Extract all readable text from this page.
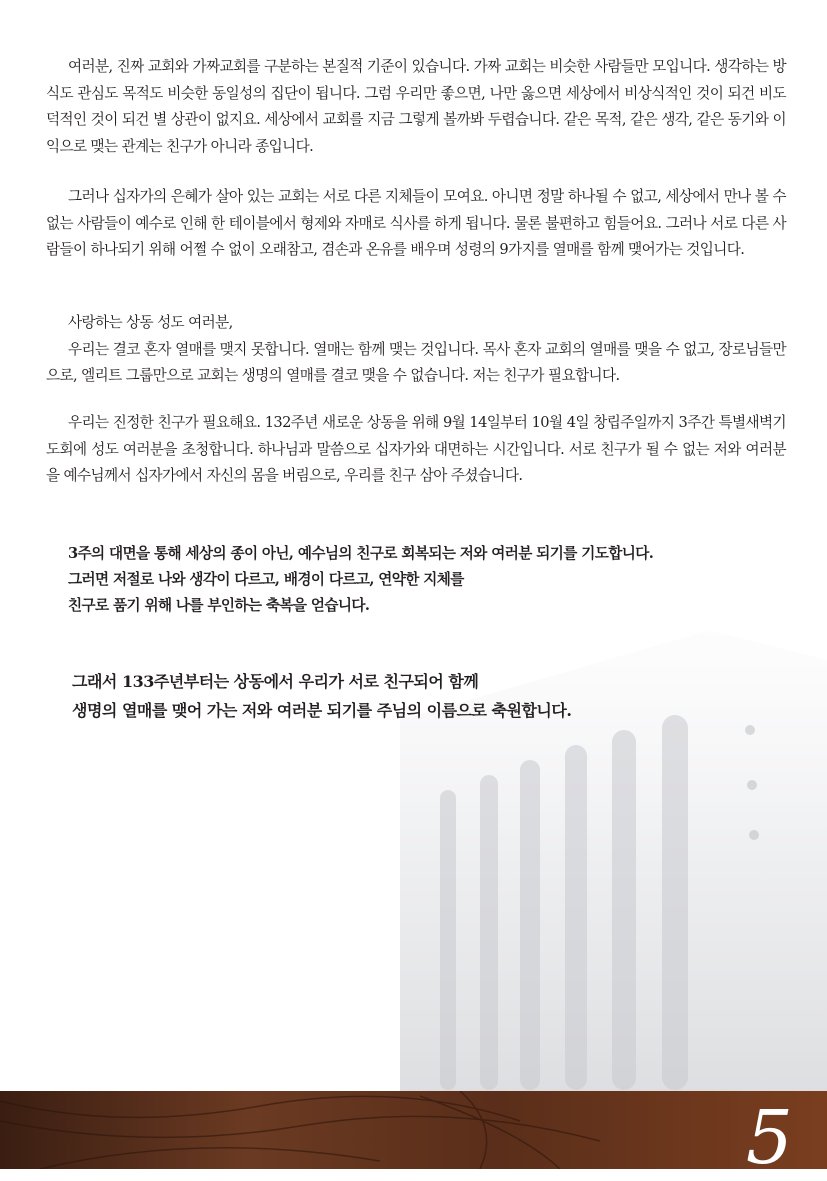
여러분, 진짜 교회와 가짜교회를 구분하는 본질적 기준이 있습니다. 가짜 교회는 비슷한 사람들만 모입니다. 생각하는 방식도 관심도 목적도 비슷한 동일성의 집단이 됩니다. 그럼 우리만 좋으면, 나만 옳으면 세상에서 비상식적인 것이 되건 비도덕적인 것이 되건 별 상관이 없지요. 세상에서 교회를 지금 그렇게 볼까봐 두렵습니다. 같은 목적, 같은 생각, 같은 동기와 이익으로 맺는 관계는 친구가 아니라 종입니다.

그러나 십자가의 은혜가 살아 있는 교회는 서로 다른 지체들이 모여요. 아니면 정말 하나될 수 없고, 세상에서 만나 볼 수 없는 사람들이 예수로 인해 한 테이블에서 형제와 자매로 식사를 하게 됩니다. 물론 불편하고 힘들어요. 그러나 서로 다른 사람들이 하나되기 위해 어쩔 수 없이 오래참고, 겸손과 온유를 배우며 성령의 9가지를 열매를 함께 맺어가는 것입니다.

사랑하는 상동 성도 여러분,

우리는 결코 혼자 열매를 맺지 못합니다. 열매는 함께 맺는 것입니다. 목사 혼자 교회의 열매를 맺을 수 없고, 장로님들만으로, 엘리트 그룹만으로 교회는 생명의 열매를 결코 맺을 수 없습니다. 저는 친구가 필요합니다.

우리는 진정한 친구가 필요해요. 132주년 새로운 상동을 위해 9월 14일부터 10월 4일 창립주일까지 3주간 특별새벽기도회에 성도 여러분을 초청합니다. 하나님과 말씀으로 십자가와 대면하는 시간입니다. 서로 친구가 될 수 없는 저와 여러분을 예수님께서 십자가에서 자신의 몸을 버림으로, 우리를 친구 삼아 주셨습니다.

3주의 대면을 통해 세상의 종이 아닌, 예수님의 친구로 회복되는 저와 여러분 되기를 기도합니다.

그러면 저절로 나와 생각이 다르고, 배경이 다르고, 연약한 지체를

친구로 품기 위해 나를 부인하는 축복을 얻습니다.

그래서 133주년부터는 상동에서 우리가 서로 친구되어 함께

생명의 열매를 맺어 가는 저와 여러분 되기를 주님의 이름으로 축원합니다.

5
